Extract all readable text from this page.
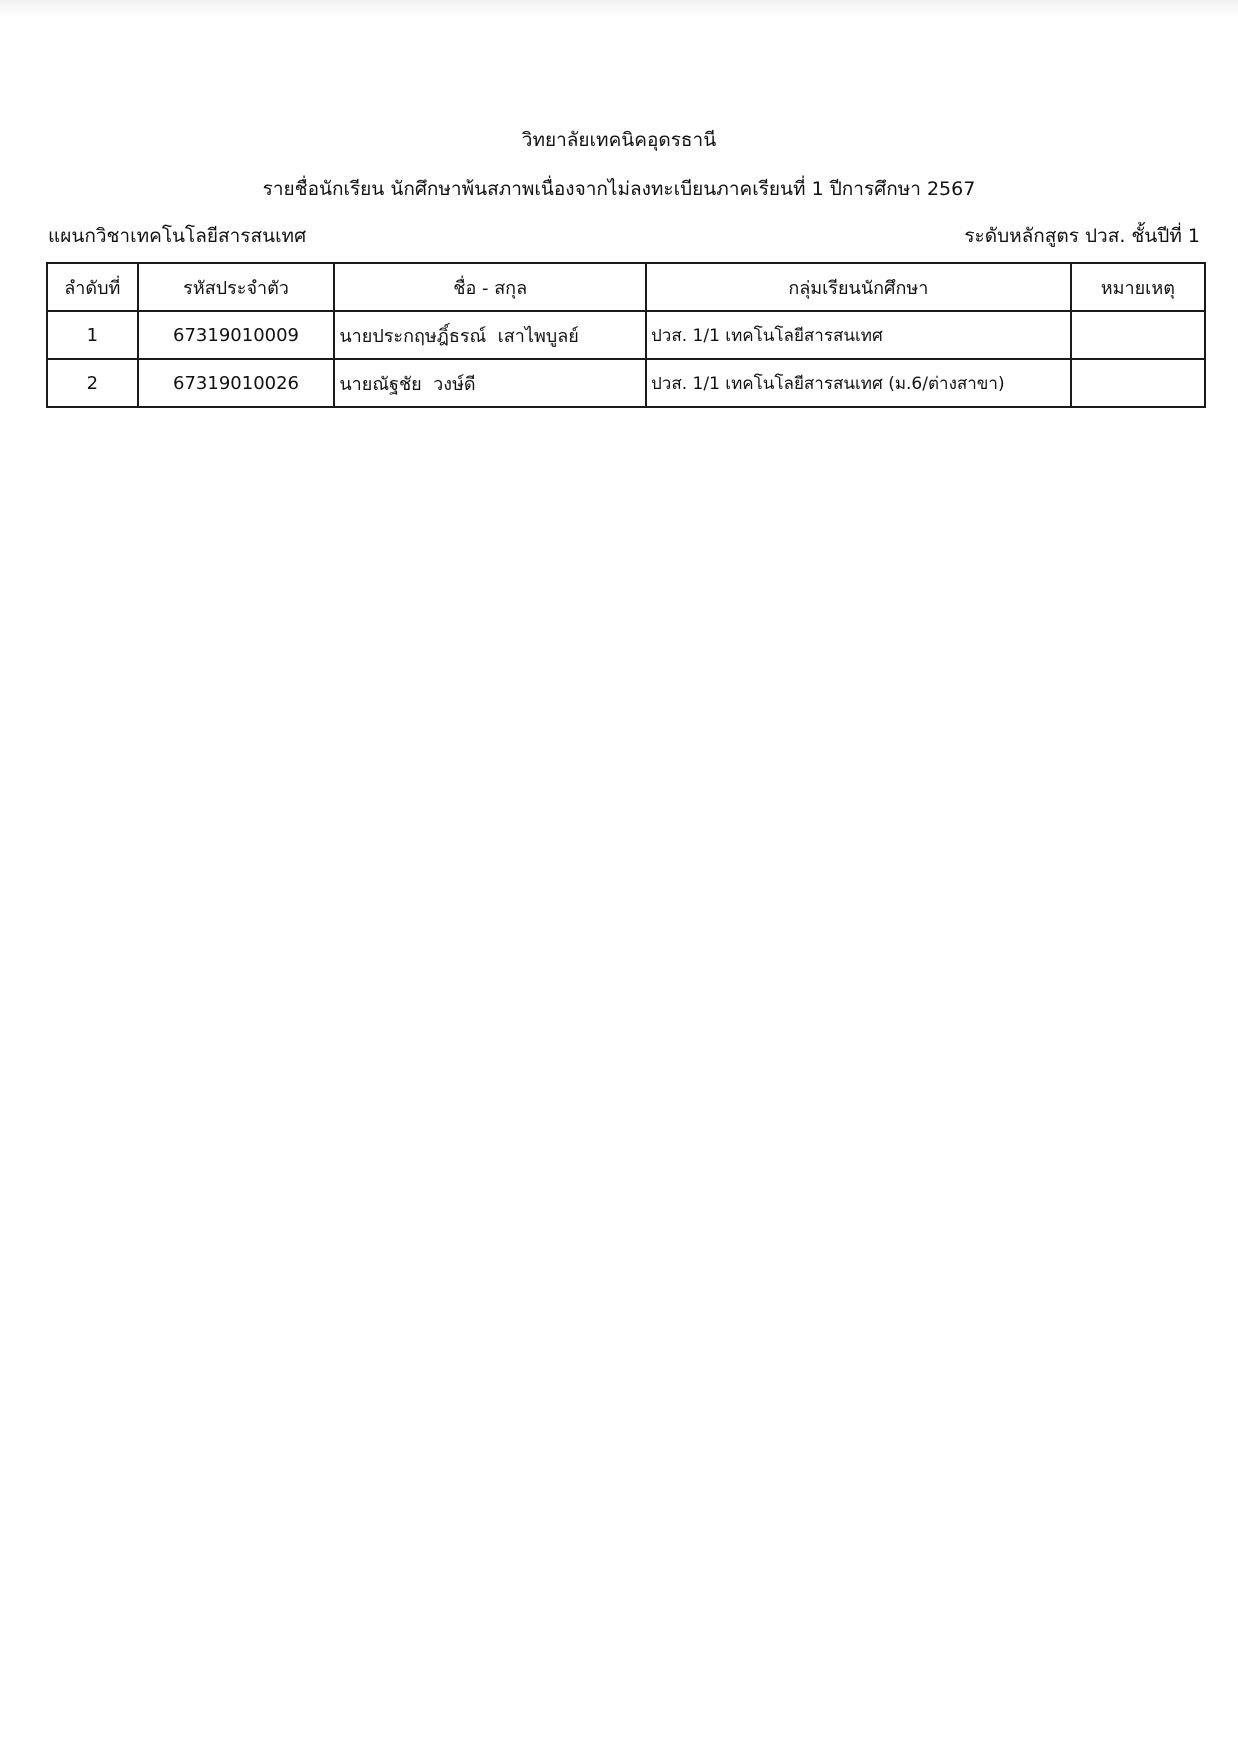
วิทยาลัยเทคนิคอุดรธานี
รายชื่อนักเรียน นักศึกษาพ้นสภาพเนื่องจากไม่ลงทะเบียนภาคเรียนที่ 1 ปีการศึกษา 2567
แผนกวิชาเทคโนโลยีสารสนเทศ	ระดับหลักสูตร ปวส. ชั้นปีที่ 1
ลำดับที่	รหัสประจำตัว	ชื่อ - สกุล	กลุ่มเรียนนักศึกษา	หมายเหตุ
1	67319010009	นายประกฤษฎิ์ธรณ์  เสาไพบูลย์	ปวส. 1/1 เทคโนโลยีสารสนเทศ	
2	67319010026	นายณัฐชัย  วงษ์ดี	ปวส. 1/1 เทคโนโลยีสารสนเทศ (ม.6/ต่างสาขา)	
